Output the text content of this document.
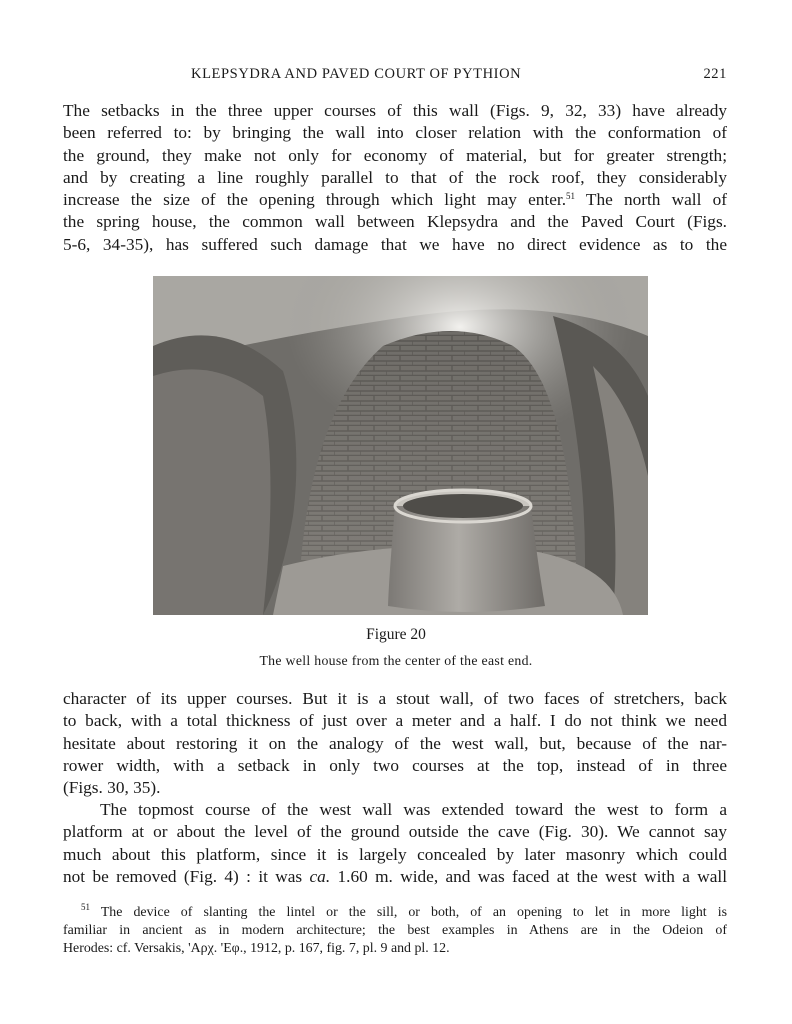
KLEPSYDRA AND PAVED COURT OF PYTHION	221
The setbacks in the three upper courses of this wall (Figs. 9, 32, 33) have already
been referred to: by bringing the wall into closer relation with the conformation of
the ground, they make not only for economy of material, but for greater strength;
and by creating a line roughly parallel to that of the rock roof, they considerably
increase the size of the opening through which light may enter.$^{51}$ The north wall of
the spring house, the common wall between Klepsydra and the Paved Court (Figs.
5-6, 34-35), has suffered such damage that we have no direct evidence as to the
Figure 20
The well house from the center of the east end.
character of its upper courses. But it is a stout wall, of two faces of stretchers, back
to back, with a total thickness of just over a meter and a half. I do not think we need
hesitate about restoring it on the analogy of the west wall, but, because of the nar-
rower width, with a setback in only two courses at the top, instead of in three
(Figs. 30, 35).
The topmost course of the west wall was extended toward the west to form a
platform at or about the level of the ground outside the cave (Fig. 30). We cannot say
much about this platform, since it is largely concealed by later masonry which could
not be removed (Fig. 4) : it was ca. 1.60 m. wide, and was faced at the west with a wall
$^{51}$ The device of slanting the lintel or the sill, or both, of an opening to let in more light is
familiar in ancient as in modern architecture; the best examples in Athens are in the Odeion of
Herodes: cf. Versakis, 'Αρχ. 'Εφ., 1912, p. 167, fig. 7, pl. 9 and pl. 12.
